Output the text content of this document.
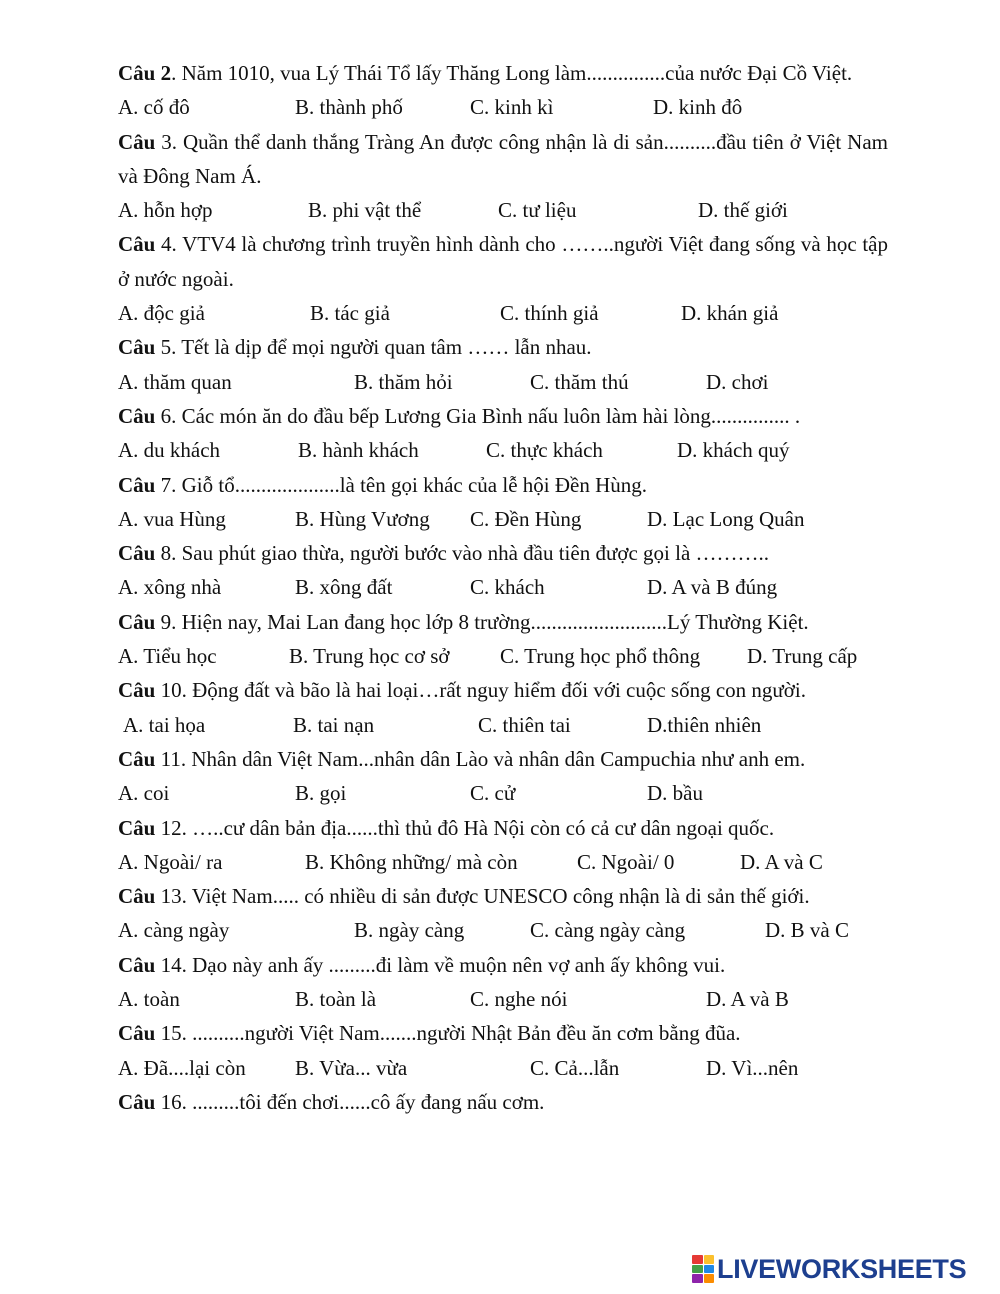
Câu 2. Năm 1010, vua Lý Thái Tổ lấy Thăng Long làm...............của nước Đại Cồ Việt.

A. cố đô	B. thành phố	C. kinh kì	D. kinh đô

Câu 3. Quần thể danh thắng Tràng An được công nhận là di sản..........đầu tiên ở Việt Nam và Đông Nam Á.

A. hỗn hợp	B. phi vật thể	C. tư liệu	D. thế giới

Câu 4. VTV4 là chương trình truyền hình dành cho ……..người Việt đang sống và học tập ở nước ngoài.

A. độc giả	B. tác giả	C. thính giả	D. khán giả

Câu 5. Tết là dịp để mọi người quan tâm …… lẫn nhau.

A. thăm quan	B. thăm hỏi	C. thăm thú	D. chơi

Câu 6. Các món ăn do đầu bếp Lương Gia Bình nấu luôn làm hài lòng............... .

A. du khách	B. hành khách	C. thực khách	D. khách quý

Câu 7. Giỗ tổ....................là tên gọi khác của lễ hội Đền Hùng.

A. vua Hùng	B. Hùng Vương C. Đền Hùng	D. Lạc Long Quân

Câu 8. Sau phút giao thừa, người bước vào nhà đầu tiên được gọi là ………..

A. xông nhà	B. xông đất	C. khách	D. A và B đúng

Câu 9. Hiện nay, Mai Lan đang học lớp 8 trường..........................Lý Thường Kiệt.

A. Tiểu học	B. Trung học cơ sở C. Trung học phổ thông D. Trung cấp

Câu 10. Động đất và bão là hai loại…rất nguy hiểm đối với cuộc sống con người.

A. tai họa	B. tai nạn	C. thiên tai	D.thiên nhiên

Câu 11. Nhân dân Việt Nam...nhân dân Lào và nhân dân Campuchia như anh em.

A. coi	B. gọi	C. cử	D. bầu

Câu 12. …..cư dân bản địa......thì thủ đô Hà Nội còn có cả cư dân ngoại quốc.

A. Ngoài/ ra	B. Không những/ mà còn	C. Ngoài/ 0	D. A và C

Câu 13. Việt Nam..... có nhiều di sản được UNESCO công nhận là di sản thế giới.

A. càng ngày	B. ngày càng	C. càng ngày càng	D. B và C

Câu 14. Dạo này anh ấy .........đi làm về muộn nên vợ anh ấy không vui.

A. toàn	B. toàn là	C. nghe nói	D. A và B

Câu 15. ..........người Việt Nam.......người Nhật Bản đều ăn cơm bằng đũa.

A. Đã....lại còn B. Vừa... vừa	C. Cả...lẫn	D. Vì...nên

Câu 16. .........tôi đến chơi......cô ấy đang nấu cơm.

LIVEWORKSHEETS
